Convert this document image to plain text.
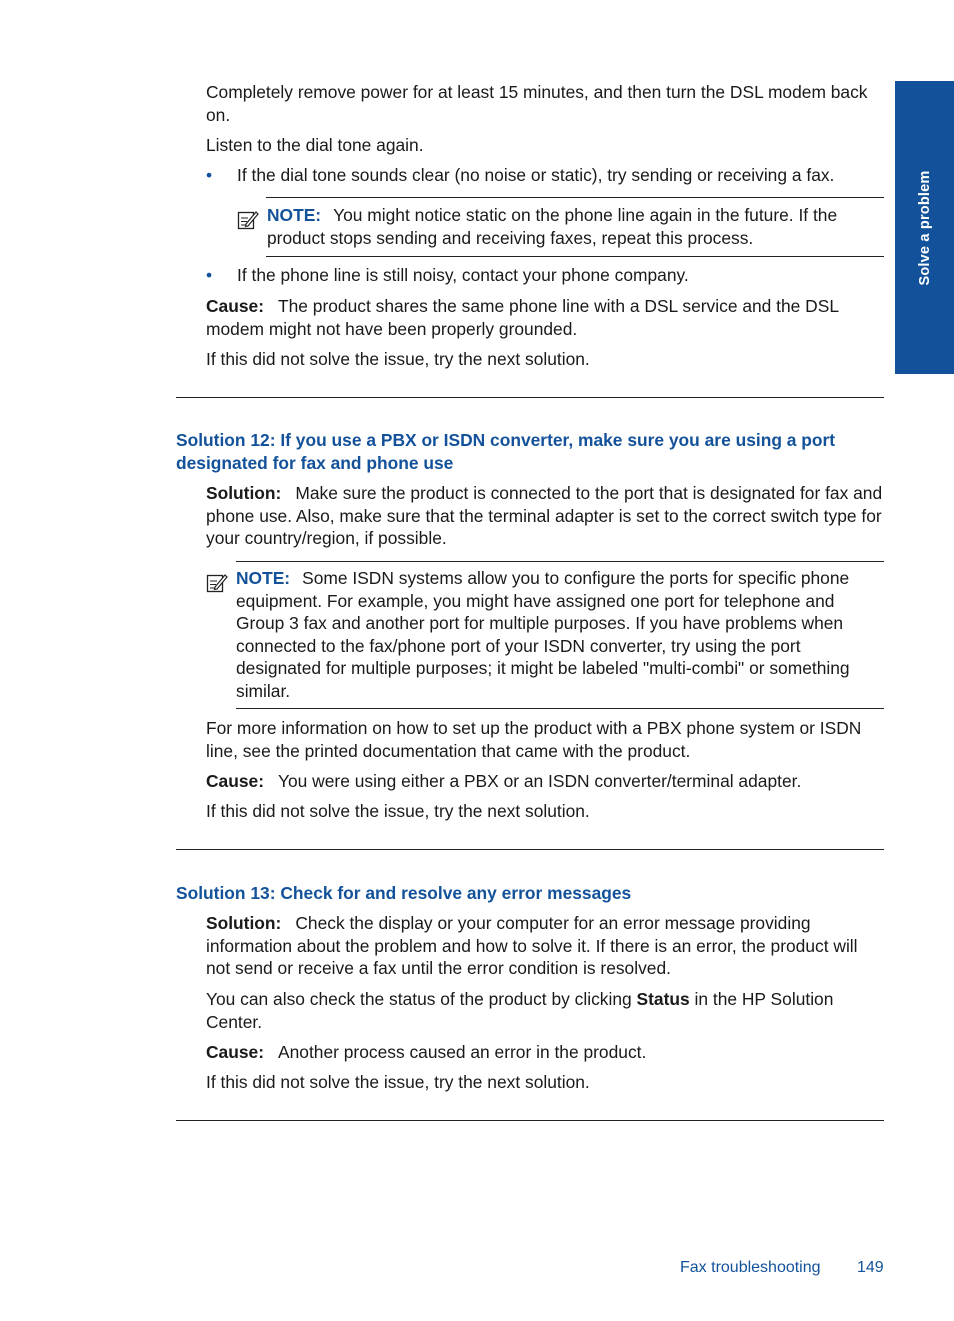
Solve a problem

Completely remove power for at least 15 minutes, and then turn the DSL modem back on.

Listen to the dial tone again.

• If the dial tone sounds clear (no noise or static), try sending or receiving a fax.
NOTE: You might notice static on the phone line again in the future. If the product stops sending and receiving faxes, repeat this process.
• If the phone line is still noisy, contact your phone company.

Cause: The product shares the same phone line with a DSL service and the DSL modem might not have been properly grounded.

If this did not solve the issue, try the next solution.

Solution 12: If you use a PBX or ISDN converter, make sure you are using a port designated for fax and phone use

Solution: Make sure the product is connected to the port that is designated for fax and phone use. Also, make sure that the terminal adapter is set to the correct switch type for your country/region, if possible.

NOTE: Some ISDN systems allow you to configure the ports for specific phone equipment. For example, you might have assigned one port for telephone and Group 3 fax and another port for multiple purposes. If you have problems when connected to the fax/phone port of your ISDN converter, try using the port designated for multiple purposes; it might be labeled "multi-combi" or something similar.

For more information on how to set up the product with a PBX phone system or ISDN line, see the printed documentation that came with the product.

Cause: You were using either a PBX or an ISDN converter/terminal adapter.

If this did not solve the issue, try the next solution.

Solution 13: Check for and resolve any error messages

Solution: Check the display or your computer for an error message providing information about the problem and how to solve it. If there is an error, the product will not send or receive a fax until the error condition is resolved.

You can also check the status of the product by clicking Status in the HP Solution Center.

Cause: Another process caused an error in the product.

If this did not solve the issue, try the next solution.

Fax troubleshooting 149
